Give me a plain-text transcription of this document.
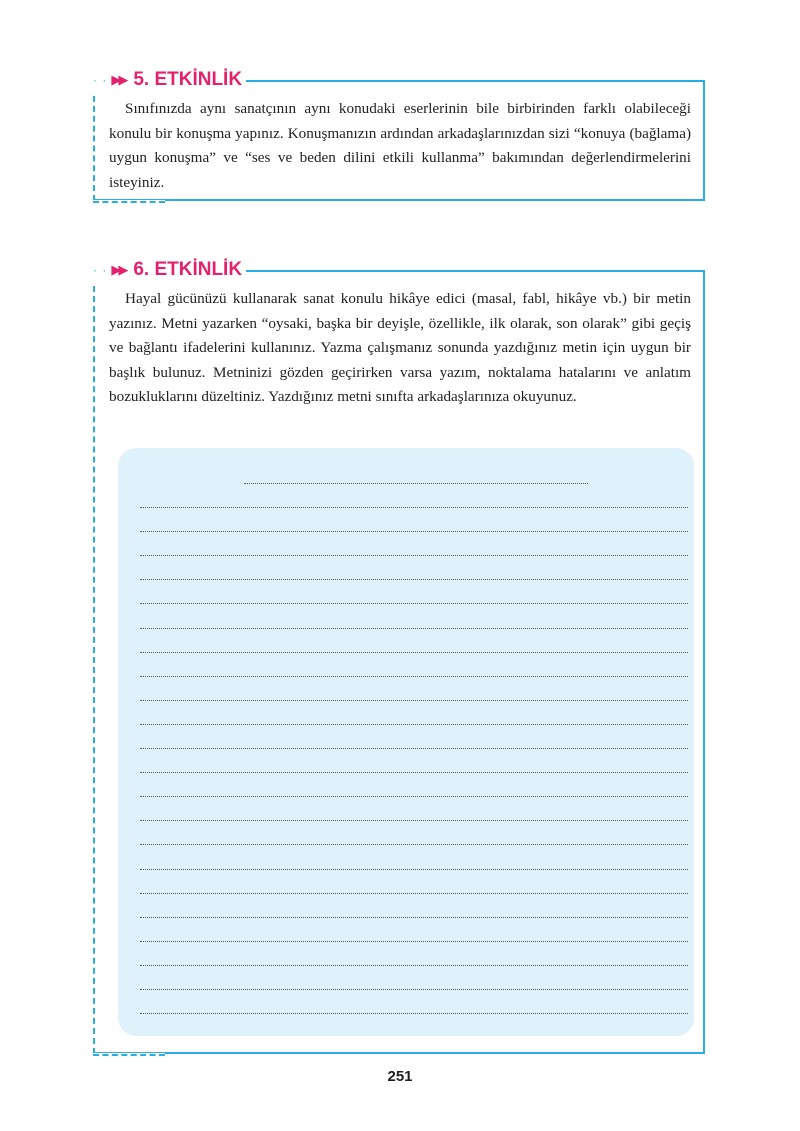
· · ▶▶ 5. ETKİNLİK
Sınıfınızda aynı sanatçının aynı konudaki eserlerinin bile birbirinden farklı olabileceği konulu bir konuşma yapınız. Konuşmanızın ardından arkadaşlarınızdan sizi “konuya (bağlama) uygun konuşma” ve “ses ve beden dilini etkili kullanma” bakımından değerlendirmelerini isteyiniz.
· · ▶▶ 6. ETKİNLİK
Hayal gücünüzü kullanarak sanat konulu hikâye edici (masal, fabl, hikâye vb.) bir metin yazınız. Metni yazarken “oysaki, başka bir deyişle, özellikle, ilk olarak, son olarak” gibi geçiş ve bağlantı ifadelerini kullanınız. Yazma çalışmanız sonunda yazdığınız metin için uygun bir başlık bulunuz. Metninizi gözden geçirirken varsa yazım, noktalama hatalarını ve anlatım bozukluklarını düzeltiniz. Yazdığınız metni sınıfta arkadaşlarınıza okuyunuz.
251
